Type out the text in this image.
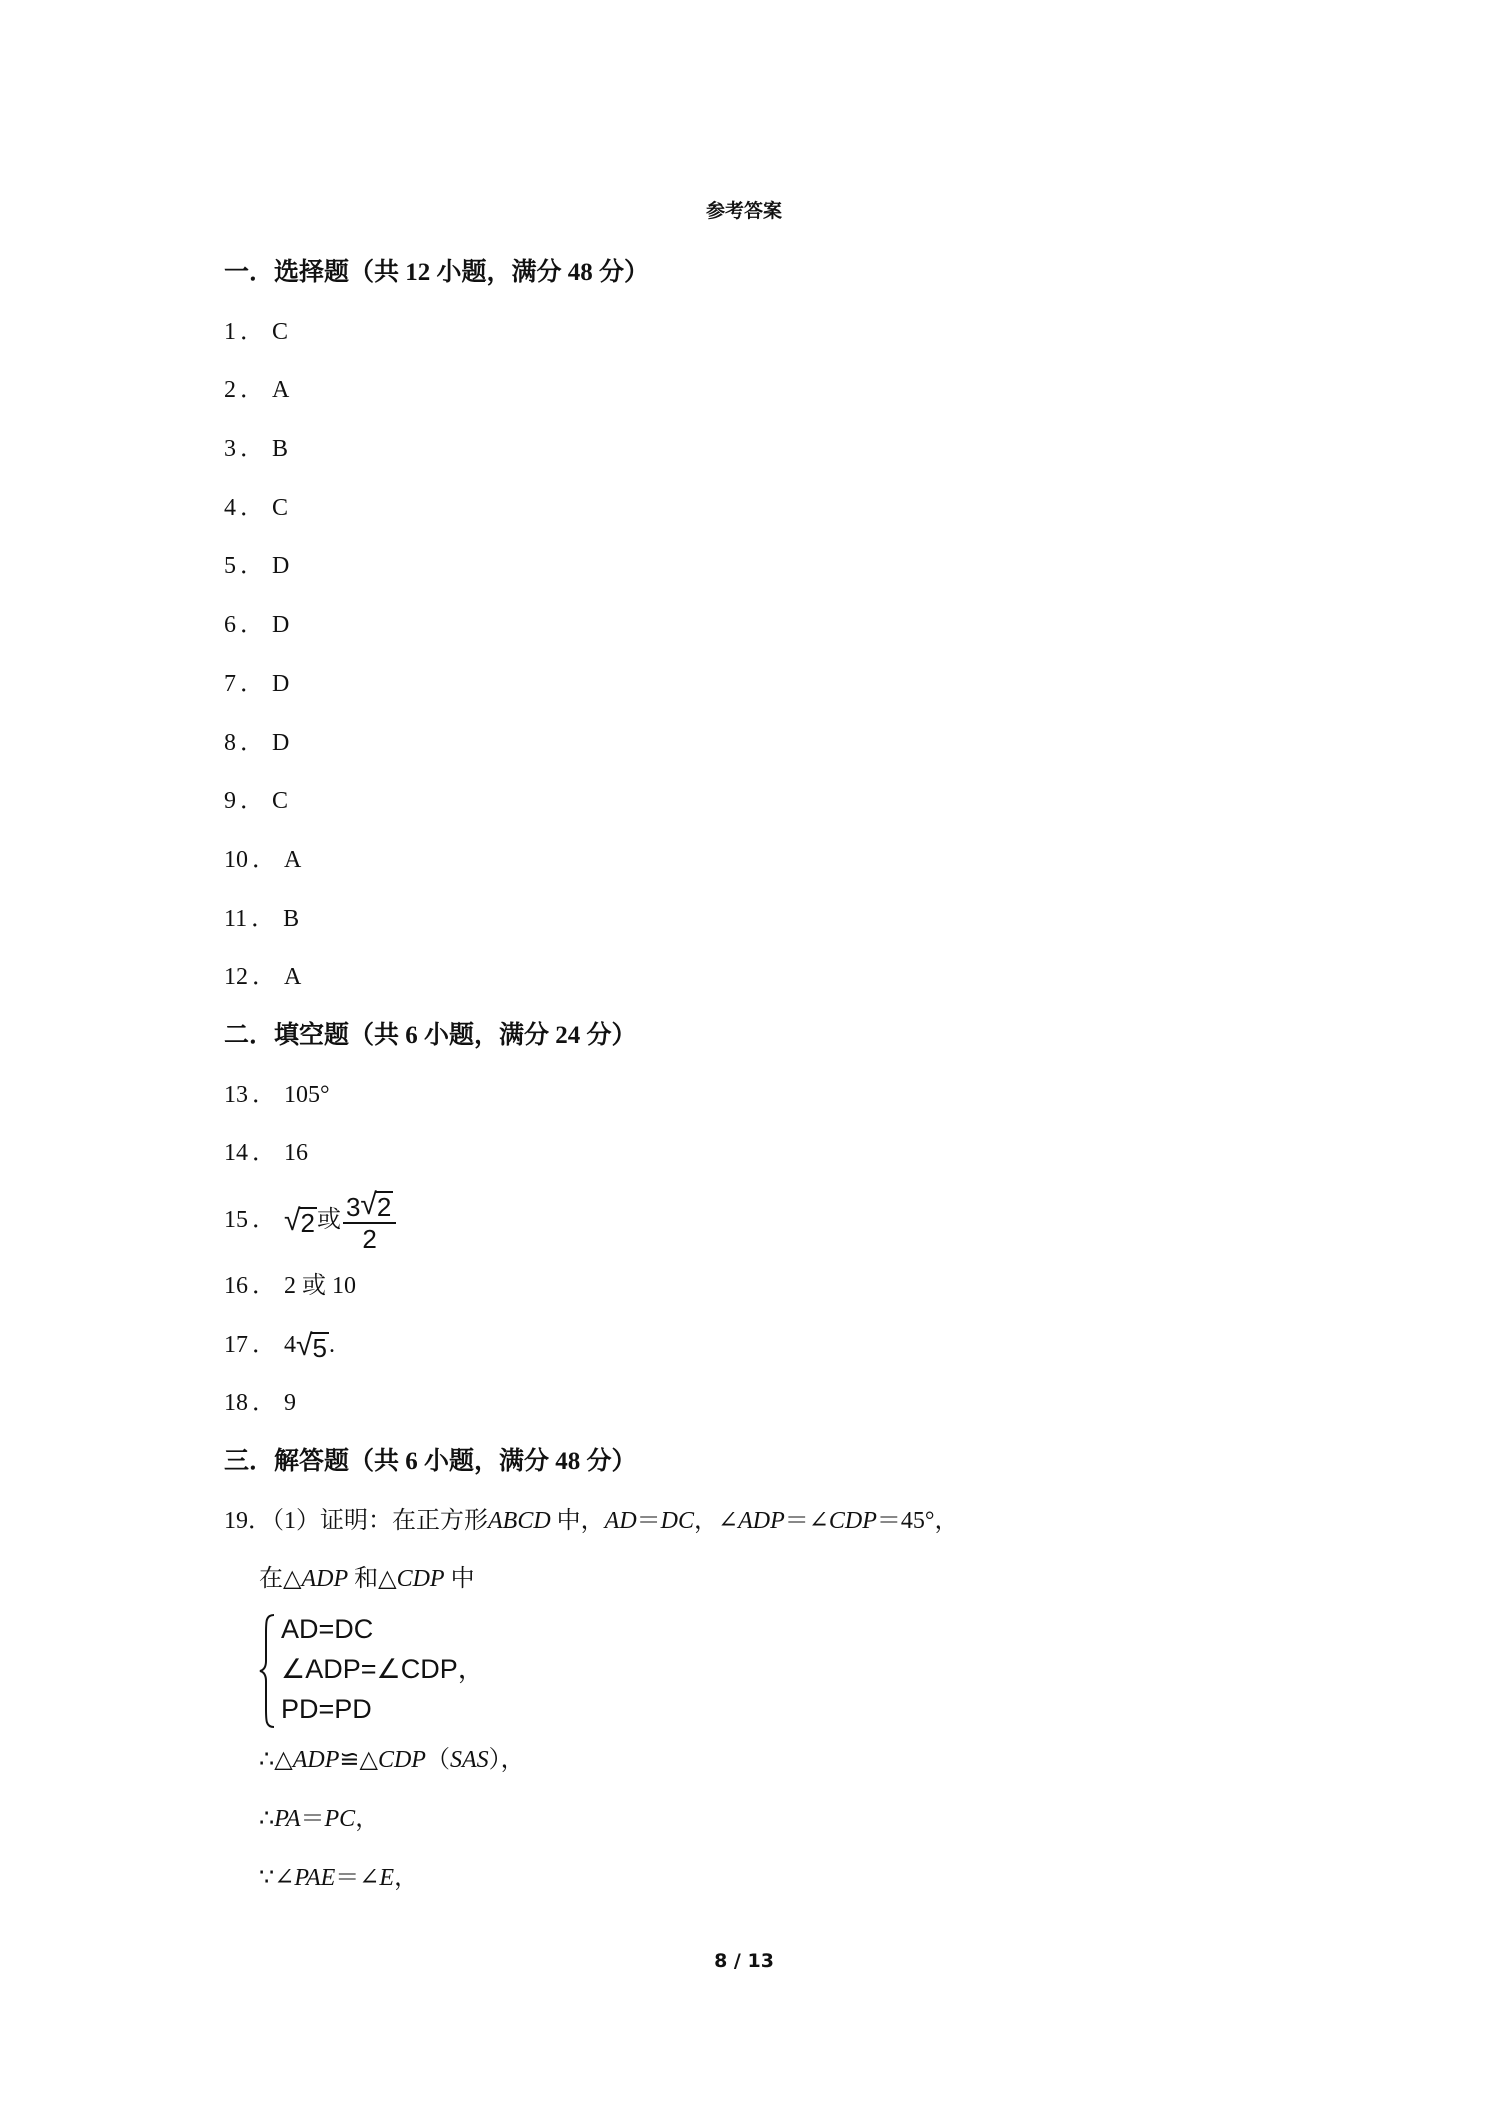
参考答案
一．选择题（共 12 小题，满分 48 分）
1 ． C
2 ． A
3 ． B
4 ． C
5 ． D
6 ． D
7 ． D
8 ． D
9 ． C
10 ． A
11 ． B
12 ． A
二．填空题（共 6 小题，满分 24 分）
13 ． 105°
14 ． 16
15 ． √ 2 或 $\frac{3 √ 2}{2}$
16 ． 2 或 10
17 ． 4 √ 5 .
18 ． 9
三．解答题（共 6 小题，满分 48 分）
19．（1）证明：在正方形ABCD 中，AD＝DC，∠ADP＝∠CDP＝45°，
在△ADP 和△CDP 中
AD=DC
∠ADP=∠CDP，
PD=PD
∴△ADP≌△CDP（SAS），
∴PA＝PC，
∵∠PAE＝∠E，
8 / 13
